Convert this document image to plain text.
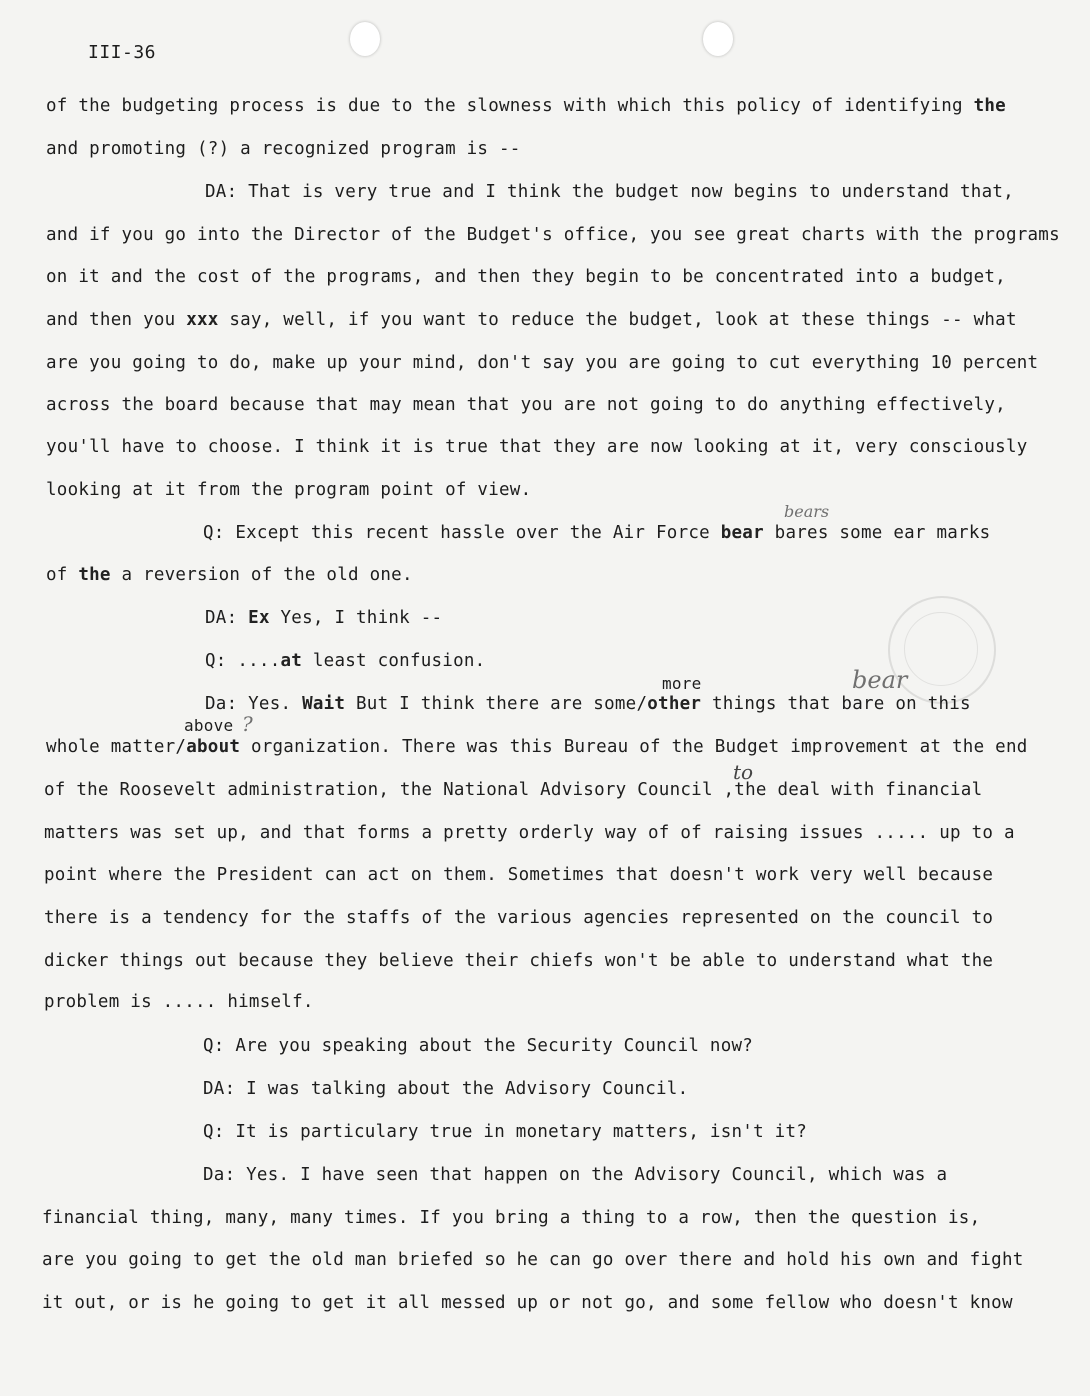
III-36
of the budgeting process is due to the slowness with which this policy of identifying the
and promoting (?) a recognized program is --
DA: That is very true and I think the budget now begins to understand that,
and if you go into the Director of the Budget's office, you see great charts with the programs
on it and the cost of the programs, and then they begin to be concentrated into a budget,
and then you xxx say, well, if you want to reduce the budget, look at these things -- what
are you going to do, make up your mind, don't say you are going to cut everything 10 percent
across the board because that may mean that you are not going to do anything effectively,
you'll have to choose. I think it is true that they are now looking at it, very consciously
looking at it from the program point of view.
bears
Q: Except this recent hassle over the Air Force bear bares some ear marks
of the a reversion of the old one.
DA: Ex Yes, I think --
Q: ....at least confusion.
more	bear
Da: Yes. Wait But I think there are some/other things that bare on this
above ?
whole matter/about organization. There was this Bureau of the Budget improvement at the end
to
of the Roosevelt administration, the National Advisory Council ,the deal with financial
matters was set up, and that forms a pretty orderly way of of raising issues ..... up to a
point where the President can act on them. Sometimes that doesn't work very well because
there is a tendency for the staffs of the various agencies represented on the council to
dicker things out because they believe their chiefs won't be able to understand what the
problem is ..... himself.
Q: Are you speaking about the Security Council now?
DA: I was talking about the Advisory Council.
Q: It is particulary true in monetary matters, isn't it?
Da: Yes. I have seen that happen on the Advisory Council, which was a
financial thing, many, many times. If you bring a thing to a row, then the question is,
are you going to get the old man briefed so he can go over there and hold his own and fight
it out, or is he going to get it all messed up or not go, and some fellow who doesn't know
